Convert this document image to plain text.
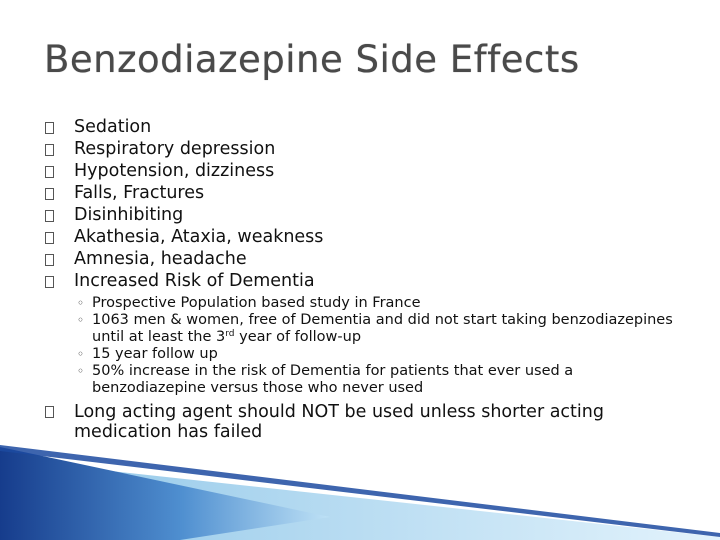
Benzodiazepine Side Effects
Sedation
Respiratory depression
Hypotension, dizziness
Falls, Fractures
Disinhibiting
Akathesia, Ataxia, weakness
Amnesia, headache
Increased Risk of Dementia
◦ Prospective Population based study in France
◦ 1063 men & women, free of Dementia and did not start taking benzodiazepines until at least the 3rd year of follow-up
◦ 15 year follow up
◦ 50% increase in the risk of Dementia for patients that ever used a benzodiazepine versus those who never used
Long acting agent should NOT be used unless shorter acting medication has failed
